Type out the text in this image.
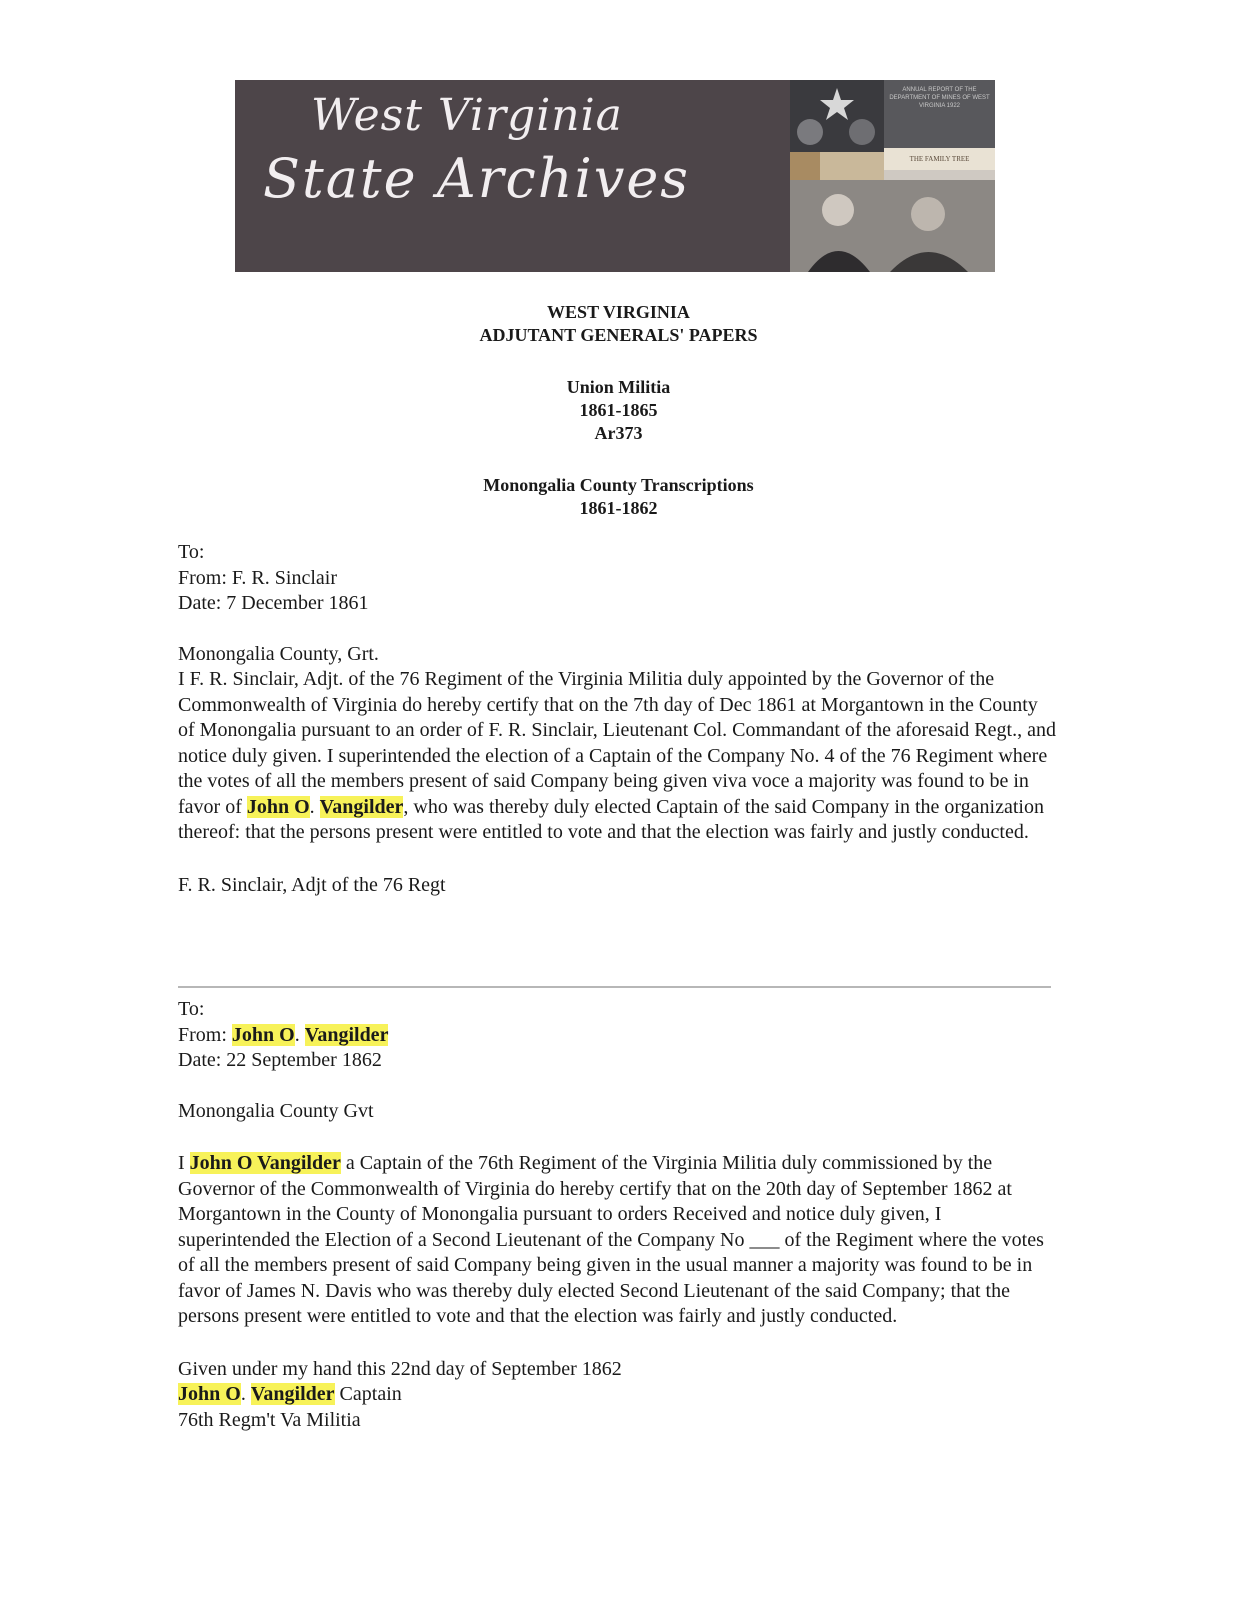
West Virginia
State Archives
ANNUAL REPORT OF THE DEPARTMENT OF MINES OF WEST VIRGINIA 1922
THE FAMILY TREE
WEST VIRGINIA
ADJUTANT GENERALS' PAPERS
Union Militia
1861-1865
Ar373
Monongalia County Transcriptions
1861-1862

To:

From: F. R. Sinclair

Date: 7 December 1861

Monongalia County, Grt.

I F. R. Sinclair, Adjt. of the 76 Regiment of the Virginia Militia duly appointed by the Governor of the Commonwealth of Virginia do hereby certify that on the 7th day of Dec 1861 at Morgantown in the County of Monongalia pursuant to an order of F. R. Sinclair, Lieutenant Col. Commandant of the aforesaid Regt., and notice duly given. I superintended the election of a Captain of the Company No. 4 of the 76 Regiment where the votes of all the members present of said Company being given viva voce a majority was found to be in favor of John O. Vangilder, who was thereby duly elected Captain of the said Company in the organization thereof: that the persons present were entitled to vote and that the election was fairly and justly conducted.

F. R. Sinclair, Adjt of the 76 Regt

To:

From: John O. Vangilder

Date: 22 September 1862

Monongalia County Gvt

I John O Vangilder a Captain of the 76th Regiment of the Virginia Militia duly commissioned by the Governor of the Commonwealth of Virginia do hereby certify that on the 20th day of September 1862 at Morgantown in the County of Monongalia pursuant to orders Received and notice duly given, I superintended the Election of a Second Lieutenant of the Company No ___ of the Regiment where the votes of all the members present of said Company being given in the usual manner a majority was found to be in favor of James N. Davis who was thereby duly elected Second Lieutenant of the said Company; that the persons present were entitled to vote and that the election was fairly and justly conducted.

Given under my hand this 22nd day of September 1862

John O. Vangilder Captain

76th Regm't Va Militia
